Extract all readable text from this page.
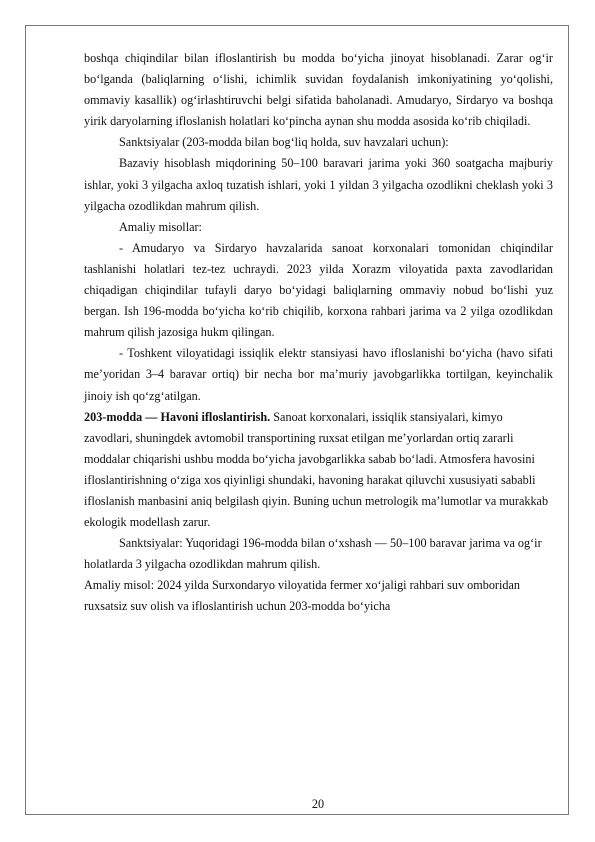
boshqa chiqindilar bilan ifloslantirish bu modda bo‘yicha jinoyat hisoblanadi. Zarar og‘ir bo‘lganda (baliqlarning o‘lishi, ichimlik suvidan foydalanish imkoniyatining yo‘qolishi, ommaviy kasallik) og‘irlashtiruvchi belgi sifatida baholanadi. Amudaryo, Sirdaryo va boshqa yirik daryolarning ifloslanish holatlari ko‘pincha aynan shu modda asosida ko‘rib chiqiladi.

Sanktsiyalar (203-modda bilan bog‘liq holda, suv havzalari uchun):

Bazaviy hisoblash miqdorining 50–100 baravari jarima yoki 360 soatgacha majburiy ishlar, yoki 3 yilgacha axloq tuzatish ishlari, yoki 1 yildan 3 yilgacha ozodlikni cheklash yoki 3 yilgacha ozodlikdan mahrum qilish.

Amaliy misollar:

- Amudaryo va Sirdaryo havzalarida sanoat korxonalari tomonidan chiqindilar tashlanishi holatlari tez-tez uchraydi. 2023 yilda Xorazm viloyatida paxta zavodlaridan chiqadigan chiqindilar tufayli daryo bo‘yidagi baliqlarning ommaviy nobud bo‘lishi yuz bergan. Ish 196-modda bo‘yicha ko‘rib chiqilib, korxona rahbari jarima va 2 yilga ozodlikdan mahrum qilish jazosiga hukm qilingan.

- Toshkent viloyatidagi issiqlik elektr stansiyasi havo ifloslanishi bo‘yicha (havo sifati me’yoridan 3–4 baravar ortiq) bir necha bor ma’muriy javobgarlikka tortilgan, keyinchalik jinoiy ish qo‘zg‘atilgan.

203-modda — Havoni ifloslantirish. Sanoat korxonalari, issiqlik stansiyalari, kimyo zavodlari, shuningdek avtomobil transportining ruxsat etilgan me’yorlardan ortiq zararli moddalar chiqarishi ushbu modda bo‘yicha javobgarlikka sabab bo‘ladi. Atmosfera havosini ifloslantirishning o‘ziga xos qiyinligi shundaki, havoning harakat qiluvchi xususiyati sababli ifloslanish manbasini aniq belgilash qiyin. Buning uchun metrologik ma’lumotlar va murakkab ekologik modellash zarur.

Sanktsiyalar: Yuqoridagi 196-modda bilan o‘xshash — 50–100 baravar jarima va og‘ir holatlarda 3 yilgacha ozodlikdan mahrum qilish.

Amaliy misol: 2024 yilda Surxondaryo viloyatida fermer xo‘jaligi rahbari suv omboridan ruxsatsiz suv olish va ifloslantirish uchun 203-modda bo‘yicha

20
